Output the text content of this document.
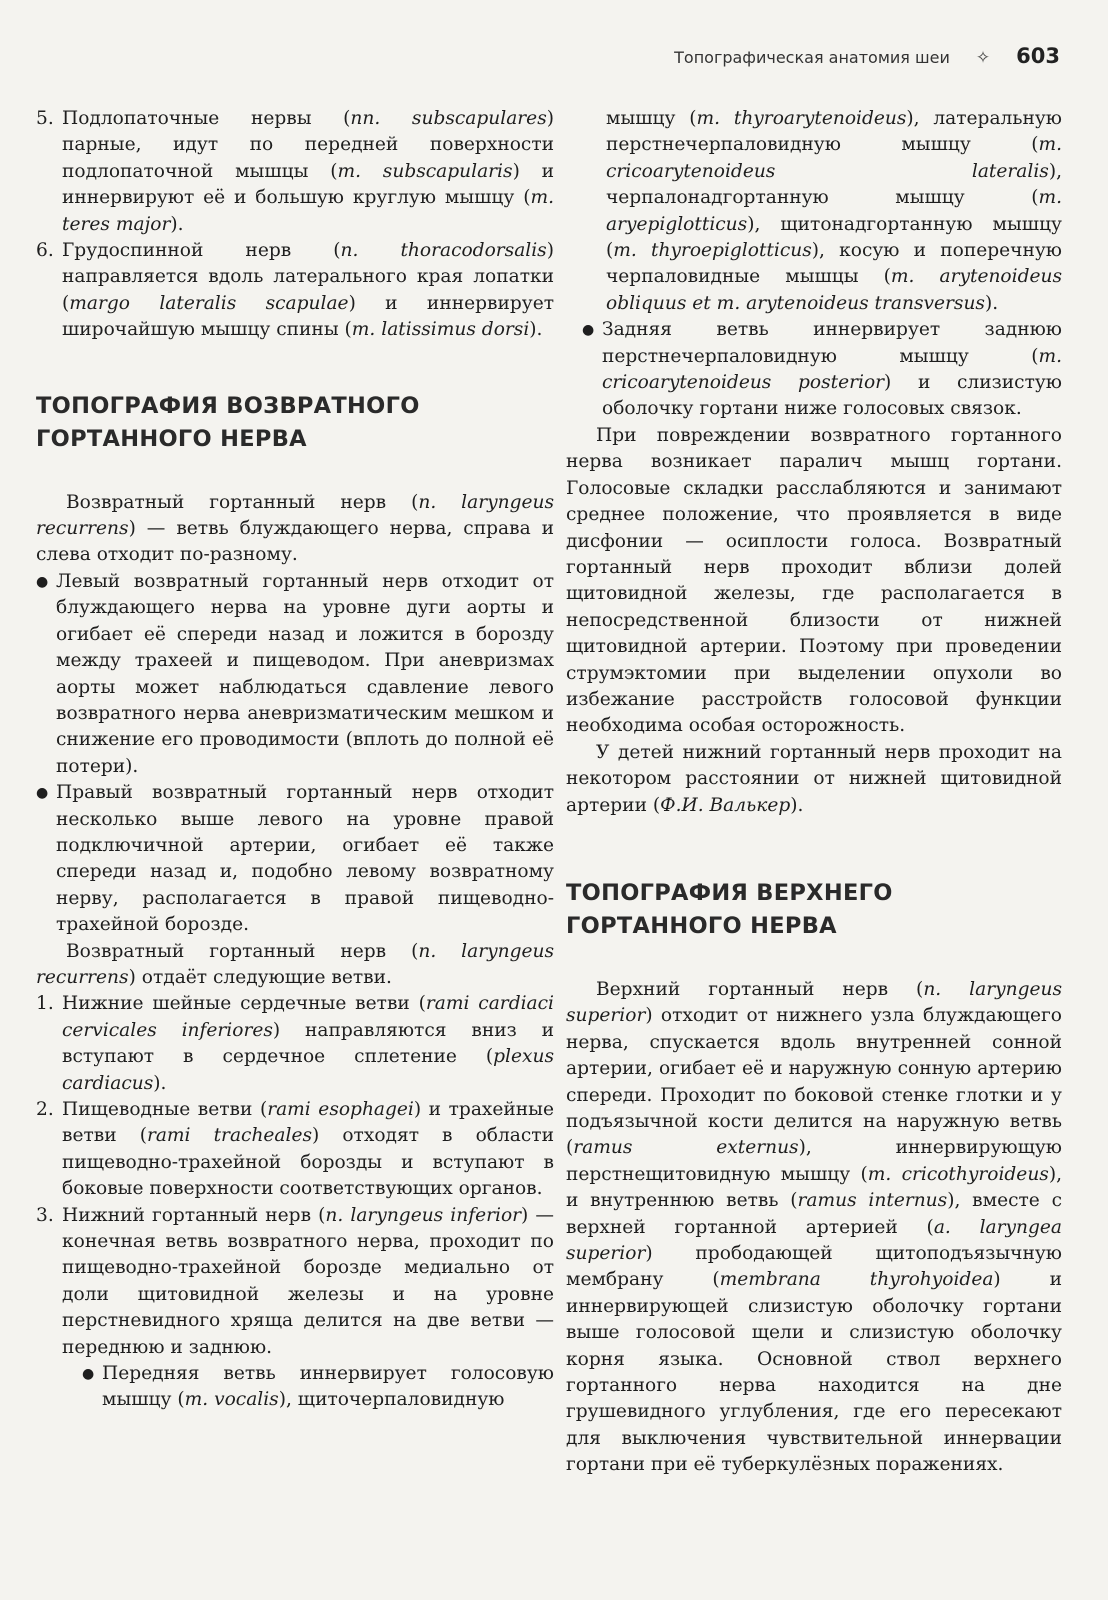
Топографическая анатомия шеи ✧ 603
5. Подлопаточные нервы (nn. subscapulares) парные, идут по передней поверхности подлопаточной мышцы (m. subscapularis) и иннервируют её и большую круглую мышцу (m. teres major).
6. Грудоспинной нерв (n. thoracodorsalis) направляется вдоль латерального края лопатки (margo lateralis scapulae) и иннервирует широчайшую мышцу спины (m. latissimus dorsi).
ТОПОГРАФИЯ ВОЗВРАТНОГО
ГОРТАННОГО НЕРВА

Возвратный гортанный нерв (n. laryngeus recurrens) — ветвь блуждающего нерва, справа и слева отходит по-разному.

● Левый возвратный гортанный нерв отходит от блуждающего нерва на уровне дуги аорты и огибает её спереди назад и ложится в борозду между трахеей и пищеводом. При аневризмах аорты может наблюдаться сдавление левого возвратного нерва аневризматическим мешком и снижение его проводимости (вплоть до полной её потери).
● Правый возвратный гортанный нерв отходит несколько выше левого на уровне правой подключичной артерии, огибает её также спереди назад и, подобно левому возвратному нерву, располагается в правой пищеводно-трахейной борозде.

Возвратный гортанный нерв (n. laryngeus recurrens) отдаёт следующие ветви.

1. Нижние шейные сердечные ветви (rami cardiaci cervicales inferiores) направляются вниз и вступают в сердечное сплетение (plexus cardiacus).
2. Пищеводные ветви (rami esophagei) и трахейные ветви (rami tracheales) отходят в области пищеводно-трахейной борозды и вступают в боковые поверхности соответствующих органов.
3. Нижний гортанный нерв (n. laryngeus inferior) — конечная ветвь возвратного нерва, проходит по пищеводно-трахейной борозде медиально от доли щитовидной железы и на уровне перстневидного хряща делится на две ветви — переднюю и заднюю.
● Передняя ветвь иннервирует голосовую мышцу (m. vocalis), щиточерпаловидную

мышцу (m. thyroarytenoideus), латеральную перстнечерпаловидную мышцу (m. cricoarytenoideus lateralis), черпалонадгортанную мышцу (m. aryepiglotticus), щитонадгортанную мышцу (m. thyroepiglotticus), косую и поперечную черпаловидные мышцы (m. arytenoideus obliquus et m. arytenoideus transversus).

● Задняя ветвь иннервирует заднюю перстнечерпаловидную мышцу (m. cricoarytenoideus posterior) и слизистую оболочку гортани ниже голосовых связок.

При повреждении возвратного гортанного нерва возникает паралич мышц гортани. Голосовые складки расслабляются и занимают среднее положение, что проявляется в виде дисфонии — осиплости голоса. Возвратный гортанный нерв проходит вблизи долей щитовидной железы, где располагается в непосредственной близости от нижней щитовидной артерии. Поэтому при проведении струмэктомии при выделении опухоли во избежание расстройств голосовой функции необходима особая осторожность.

У детей нижний гортанный нерв проходит на некотором расстоянии от нижней щитовидной артерии (Ф.И. Валькер).

ТОПОГРАФИЯ ВЕРХНЕГО
ГОРТАННОГО НЕРВА

Верхний гортанный нерв (n. laryngeus superior) отходит от нижнего узла блуждающего нерва, спускается вдоль внутренней сонной артерии, огибает её и наружную сонную артерию спереди. Проходит по боковой стенке глотки и у подъязычной кости делится на наружную ветвь (ramus externus), иннервирующую перстнещитовидную мышцу (m. cricothyroideus), и внутреннюю ветвь (ramus internus), вместе с верхней гортанной артерией (a. laryngea superior) прободающей щитоподъязычную мембрану (membrana thyrohyoidea) и иннервирующей слизистую оболочку гортани выше голосовой щели и слизистую оболочку корня языка. Основной ствол верхнего гортанного нерва находится на дне грушевидного углубления, где его пересекают для выключения чувствительной иннервации гортани при её туберкулёзных поражениях.
